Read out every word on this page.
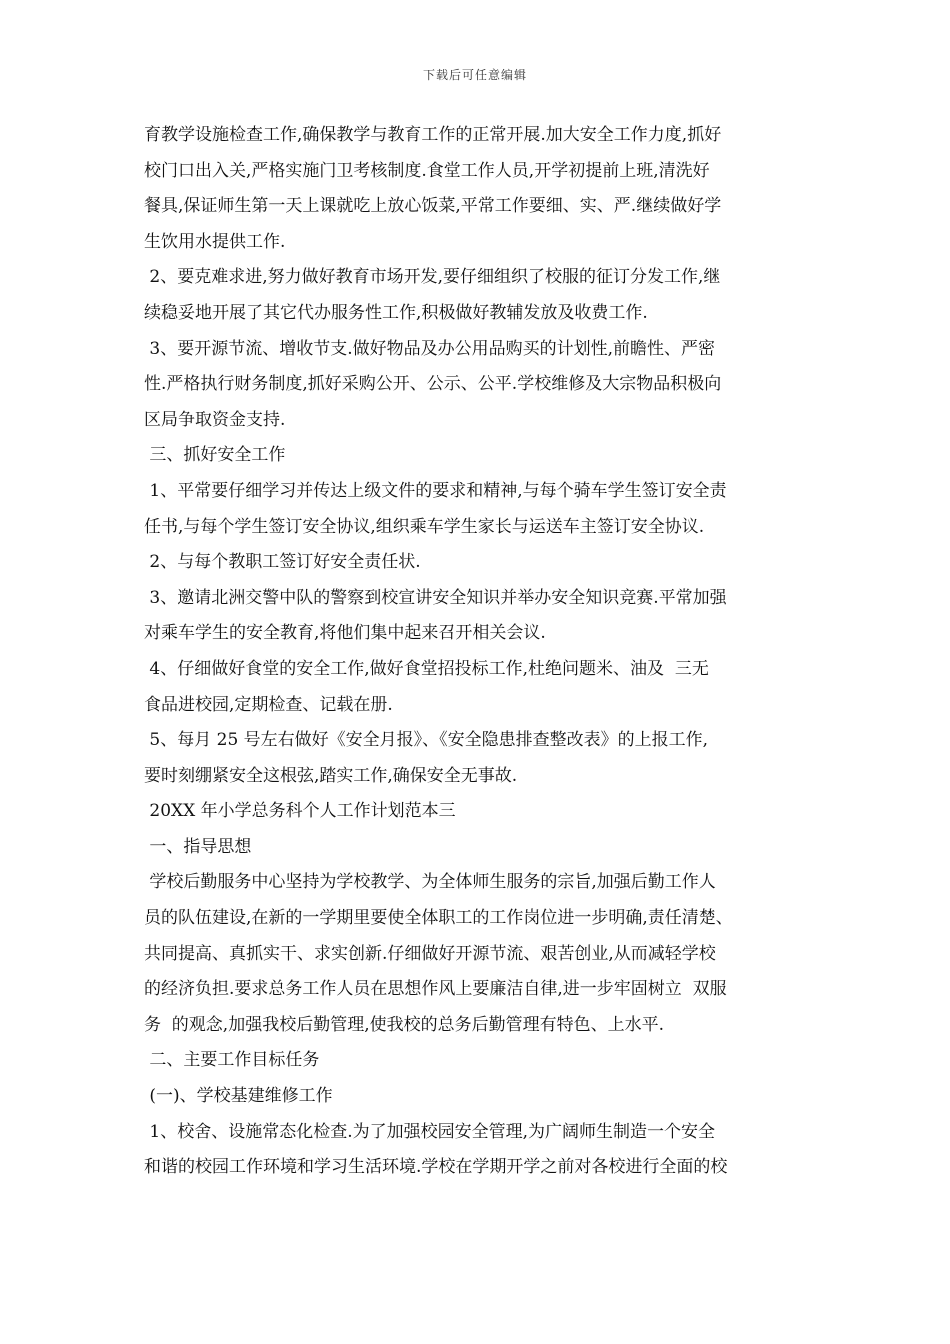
下载后可任意编辑
育教学设施检查工作,确保教学与教育工作的正常开展.加大安全工作力度,抓好
校门口出入关,严格实施门卫考核制度.食堂工作人员,开学初提前上班,清洗好
餐具,保证师生第一天上课就吃上放心饭菜,平常工作要细、实、严.继续做好学
生饮用水提供工作.
2、要克难求进,努力做好教育市场开发,要仔细组织了校服的征订分发工作,继
续稳妥地开展了其它代办服务性工作,积极做好教辅发放及收费工作.
3、要开源节流、增收节支.做好物品及办公用品购买的计划性,前瞻性、严密
性.严格执行财务制度,抓好采购公开、公示、公平.学校维修及大宗物品积极向
区局争取资金支持.
三、抓好安全工作
1、平常要仔细学习并传达上级文件的要求和精神,与每个骑车学生签订安全责
任书,与每个学生签订安全协议,组织乘车学生家长与运送车主签订安全协议.
2、与每个教职工签订好安全责任状.
3、邀请北洲交警中队的警察到校宣讲安全知识并举办安全知识竞赛.平常加强
对乘车学生的安全教育,将他们集中起来召开相关会议.
4、仔细做好食堂的安全工作,做好食堂招投标工作,杜绝问题米、油及  三无
食品进校园,定期检查、记载在册.
5、每月 25 号左右做好《安全月报》、《安全隐患排查整改表》的上报工作,
要时刻绷紧安全这根弦,踏实工作,确保安全无事故.
20XX 年小学总务科个人工作计划范本三
一、指导思想
学校后勤服务中心坚持为学校教学、为全体师生服务的宗旨,加强后勤工作人
员的队伍建设,在新的一学期里要使全体职工的工作岗位进一步明确,责任清楚、
共同提高、真抓实干、求实创新.仔细做好开源节流、艰苦创业,从而减轻学校
的经济负担.要求总务工作人员在思想作风上要廉洁自律,进一步牢固树立  双服
务  的观念,加强我校后勤管理,使我校的总务后勤管理有特色、上水平.
二、主要工作目标任务
(一)、学校基建维修工作
1、校舍、设施常态化检查.为了加强校园安全管理,为广阔师生制造一个安全
和谐的校园工作环境和学习生活环境.学校在学期开学之前对各校进行全面的校
